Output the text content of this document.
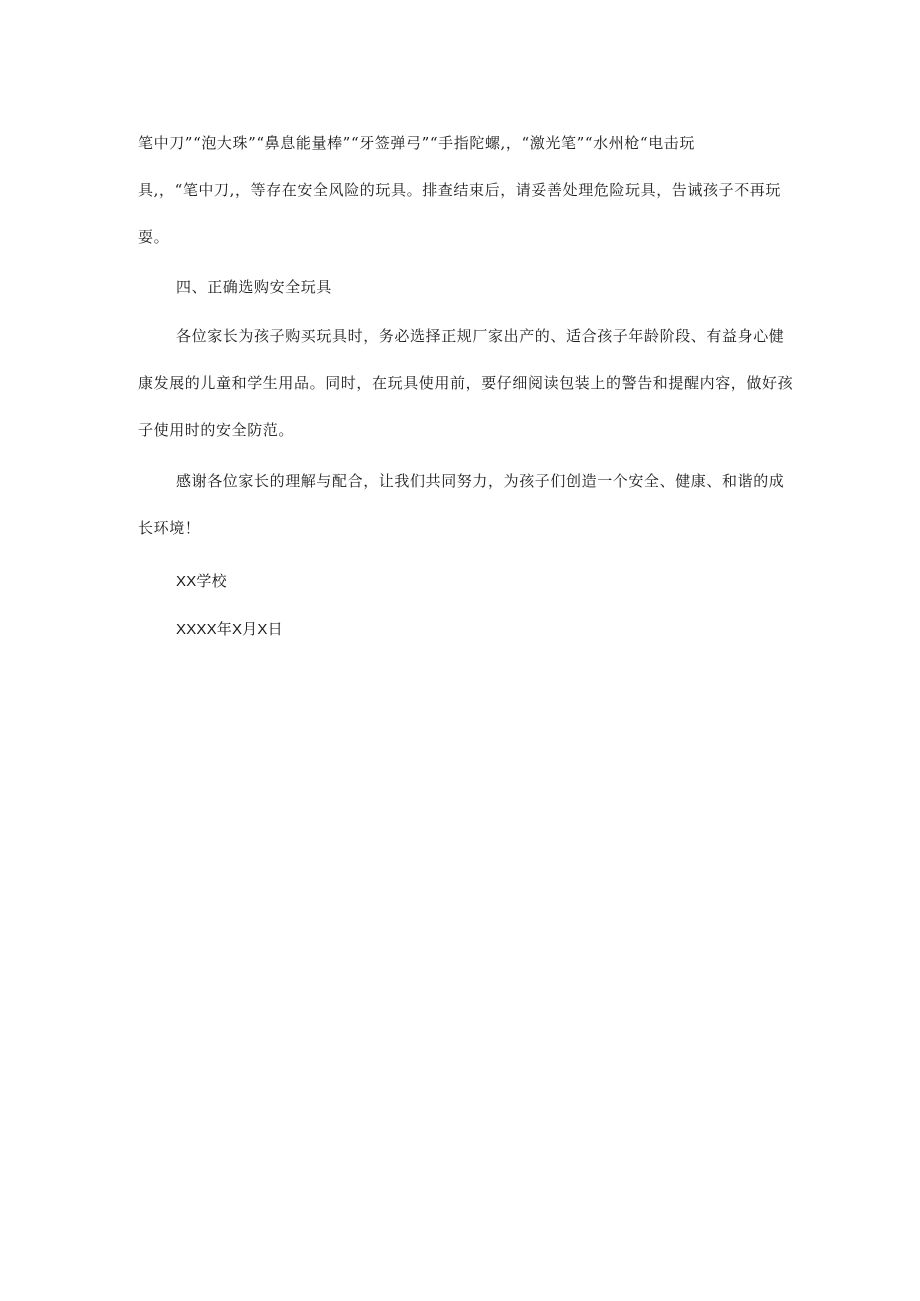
笔中刀”“泡大珠”“鼻息能量棒”“牙签弹弓”“手指陀螺,，“激光笔”“水州枪“电击玩
具,，“笔中刀,，等存在安全风险的玩具。排查结束后，请妥善处理危险玩具，告诫孩子不再玩
耍。
四、正确选购安全玩具
各位家长为孩子购买玩具时，务必选择正规厂家出产的、适合孩子年龄阶段、有益身心健
康发展的儿童和学生用品。同时，在玩具使用前，要仔细阅读包装上的警告和提醒内容，做好孩
子使用时的安全防范。
感谢各位家长的理解与配合，让我们共同努力，为孩子们创造一个安全、健康、和谐的成
长环境！
XX学校
XXXX年X月X日
